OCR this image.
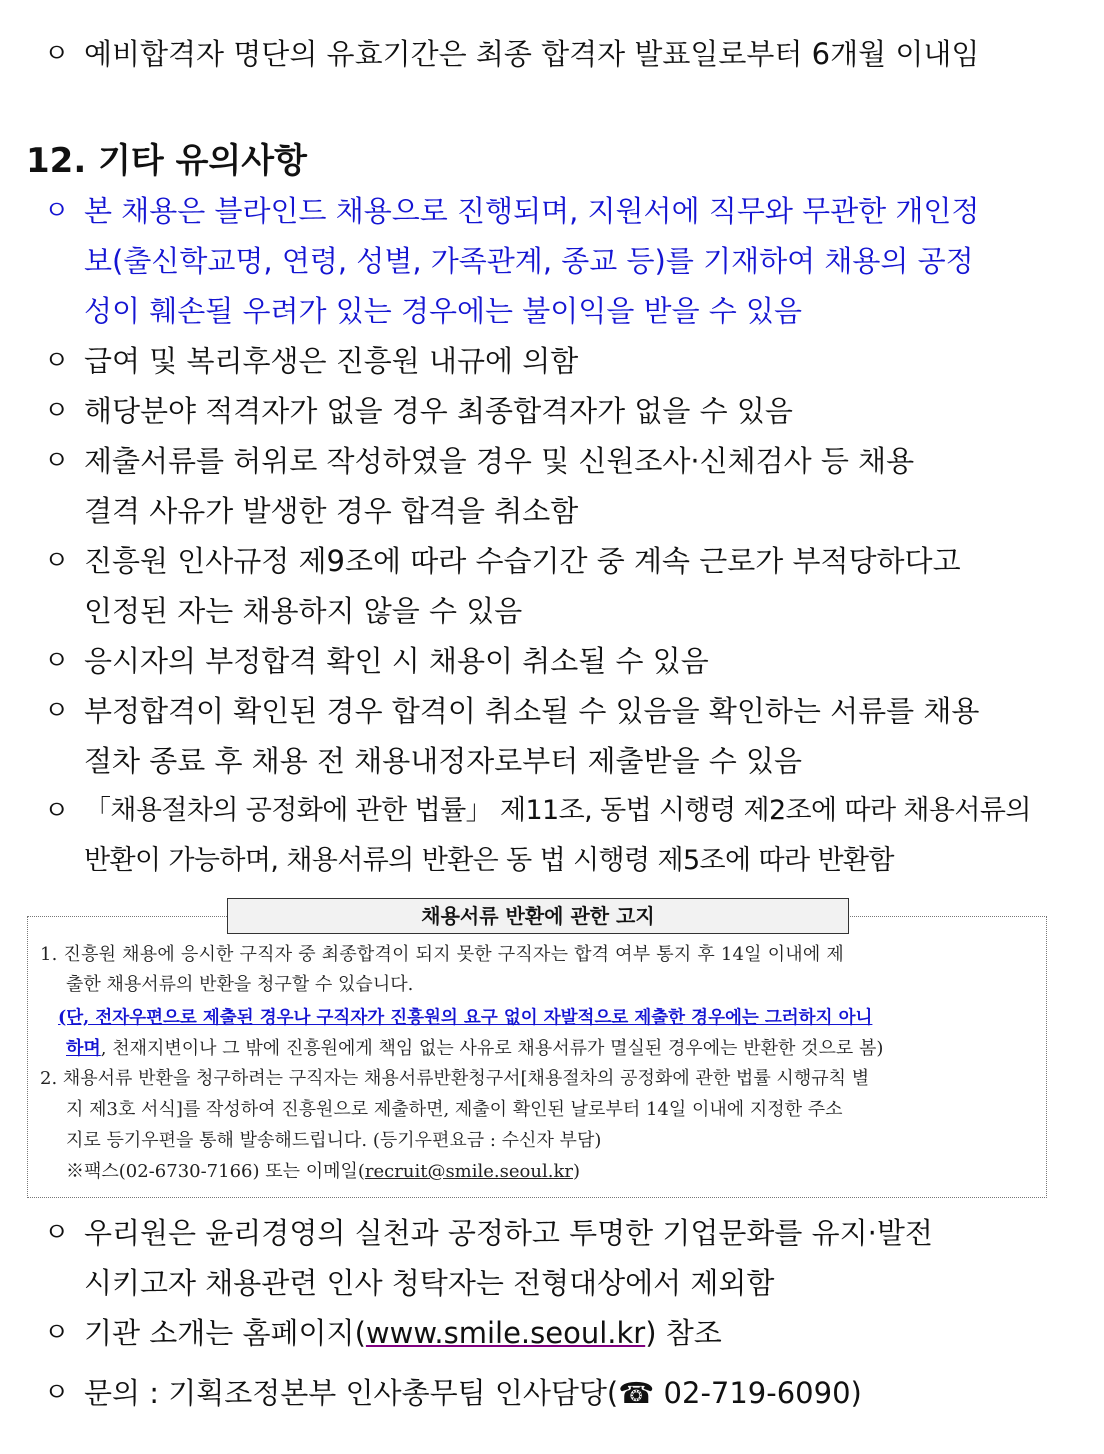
ㅇ 예비합격자 명단의 유효기간은 최종 합격자 발표일로부터 6개월 이내임
12. 기타 유의사항
ㅇ 본 채용은 블라인드 채용으로 진행되며, 지원서에 직무와 무관한 개인정
보(출신학교명, 연령, 성별, 가족관계, 종교 등)를 기재하여 채용의 공정
성이 훼손될 우려가 있는 경우에는 불이익을 받을 수 있음
ㅇ 급여 및 복리후생은 진흥원 내규에 의함
ㅇ 해당분야 적격자가 없을 경우 최종합격자가 없을 수 있음
ㅇ 제출서류를 허위로 작성하였을 경우 및 신원조사·신체검사 등 채용
결격 사유가 발생한 경우 합격을 취소함
ㅇ 진흥원 인사규정 제9조에 따라 수습기간 중 계속 근로가 부적당하다고
인정된 자는 채용하지 않을 수 있음
ㅇ 응시자의 부정합격 확인 시 채용이 취소될 수 있음
ㅇ 부정합격이 확인된 경우 합격이 취소될 수 있음을 확인하는 서류를 채용
절차 종료 후 채용 전 채용내정자로부터 제출받을 수 있음
ㅇ 「채용절차의 공정화에 관한 법률」 제11조, 동법 시행령 제2조에 따라 채용서류의
반환이 가능하며, 채용서류의 반환은 동 법 시행령 제5조에 따라 반환함
채용서류 반환에 관한 고지
1. 진흥원 채용에 응시한 구직자 중 최종합격이 되지 못한 구직자는 합격 여부 통지 후 14일 이내에 제
출한 채용서류의 반환을 청구할 수 있습니다.
(단, 전자우편으로 제출된 경우나 구직자가 진흥원의 요구 없이 자발적으로 제출한 경우에는 그러하지 아니
하며, 천재지변이나 그 밖에 진흥원에게 책임 없는 사유로 채용서류가 멸실된 경우에는 반환한 것으로 봄)
2. 채용서류 반환을 청구하려는 구직자는 채용서류반환청구서[채용절차의 공정화에 관한 법률 시행규칙 별
지 제3호 서식]를 작성하여 진흥원으로 제출하면, 제출이 확인된 날로부터 14일 이내에 지정한 주소
지로 등기우편을 통해 발송해드립니다. (등기우편요금 : 수신자 부담)
※팩스(02-6730-7166) 또는 이메일(recruit@smile.seoul.kr)
ㅇ 우리원은 윤리경영의 실천과 공정하고 투명한 기업문화를 유지·발전
시키고자 채용관련 인사 청탁자는 전형대상에서 제외함
ㅇ 기관 소개는 홈페이지(www.smile.seoul.kr) 참조
ㅇ 문의 : 기획조정본부 인사총무팀 인사담당(☎ 02-719-6090)
